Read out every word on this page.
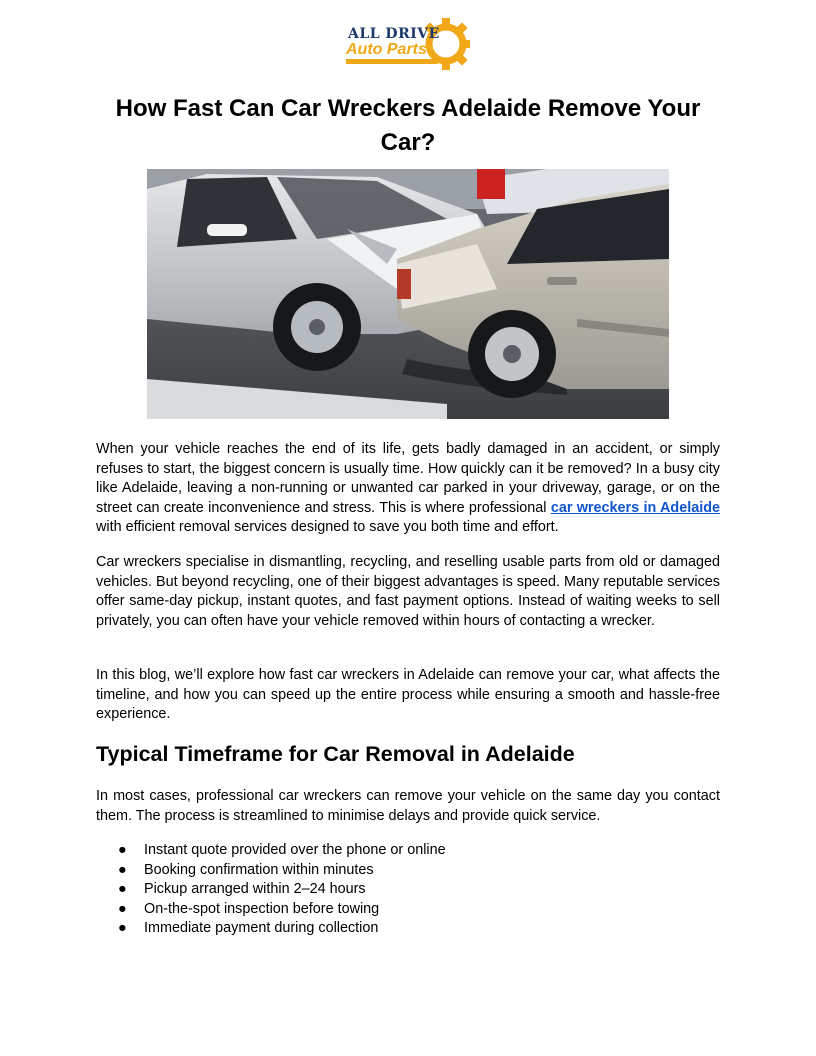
ALL DRIVE
Auto Parts
How Fast Can Car Wreckers Adelaide Remove Your Car?

When your vehicle reaches the end of its life, gets badly damaged in an accident, or simply refuses to start, the biggest concern is usually time. How quickly can it be removed? In a busy city like Adelaide, leaving a non-running or unwanted car parked in your driveway, garage, or on the street can create inconvenience and stress. This is where professional car wreckers in Adelaide with efficient removal services designed to save you both time and effort.

Car wreckers specialise in dismantling, recycling, and reselling usable parts from old or damaged vehicles. But beyond recycling, one of their biggest advantages is speed. Many reputable services offer same-day pickup, instant quotes, and fast payment options. Instead of waiting weeks to sell privately, you can often have your vehicle removed within hours of contacting a wrecker.

In this blog, we’ll explore how fast car wreckers in Adelaide can remove your car, what affects the timeline, and how you can speed up the entire process while ensuring a smooth and hassle-free experience.

Typical Timeframe for Car Removal in Adelaide

In most cases, professional car wreckers can remove your vehicle on the same day you contact them. The process is streamlined to minimise delays and provide quick service.

● Instant quote provided over the phone or online
● Booking confirmation within minutes
● Pickup arranged within 2–24 hours
● On-the-spot inspection before towing
● Immediate payment during collection
